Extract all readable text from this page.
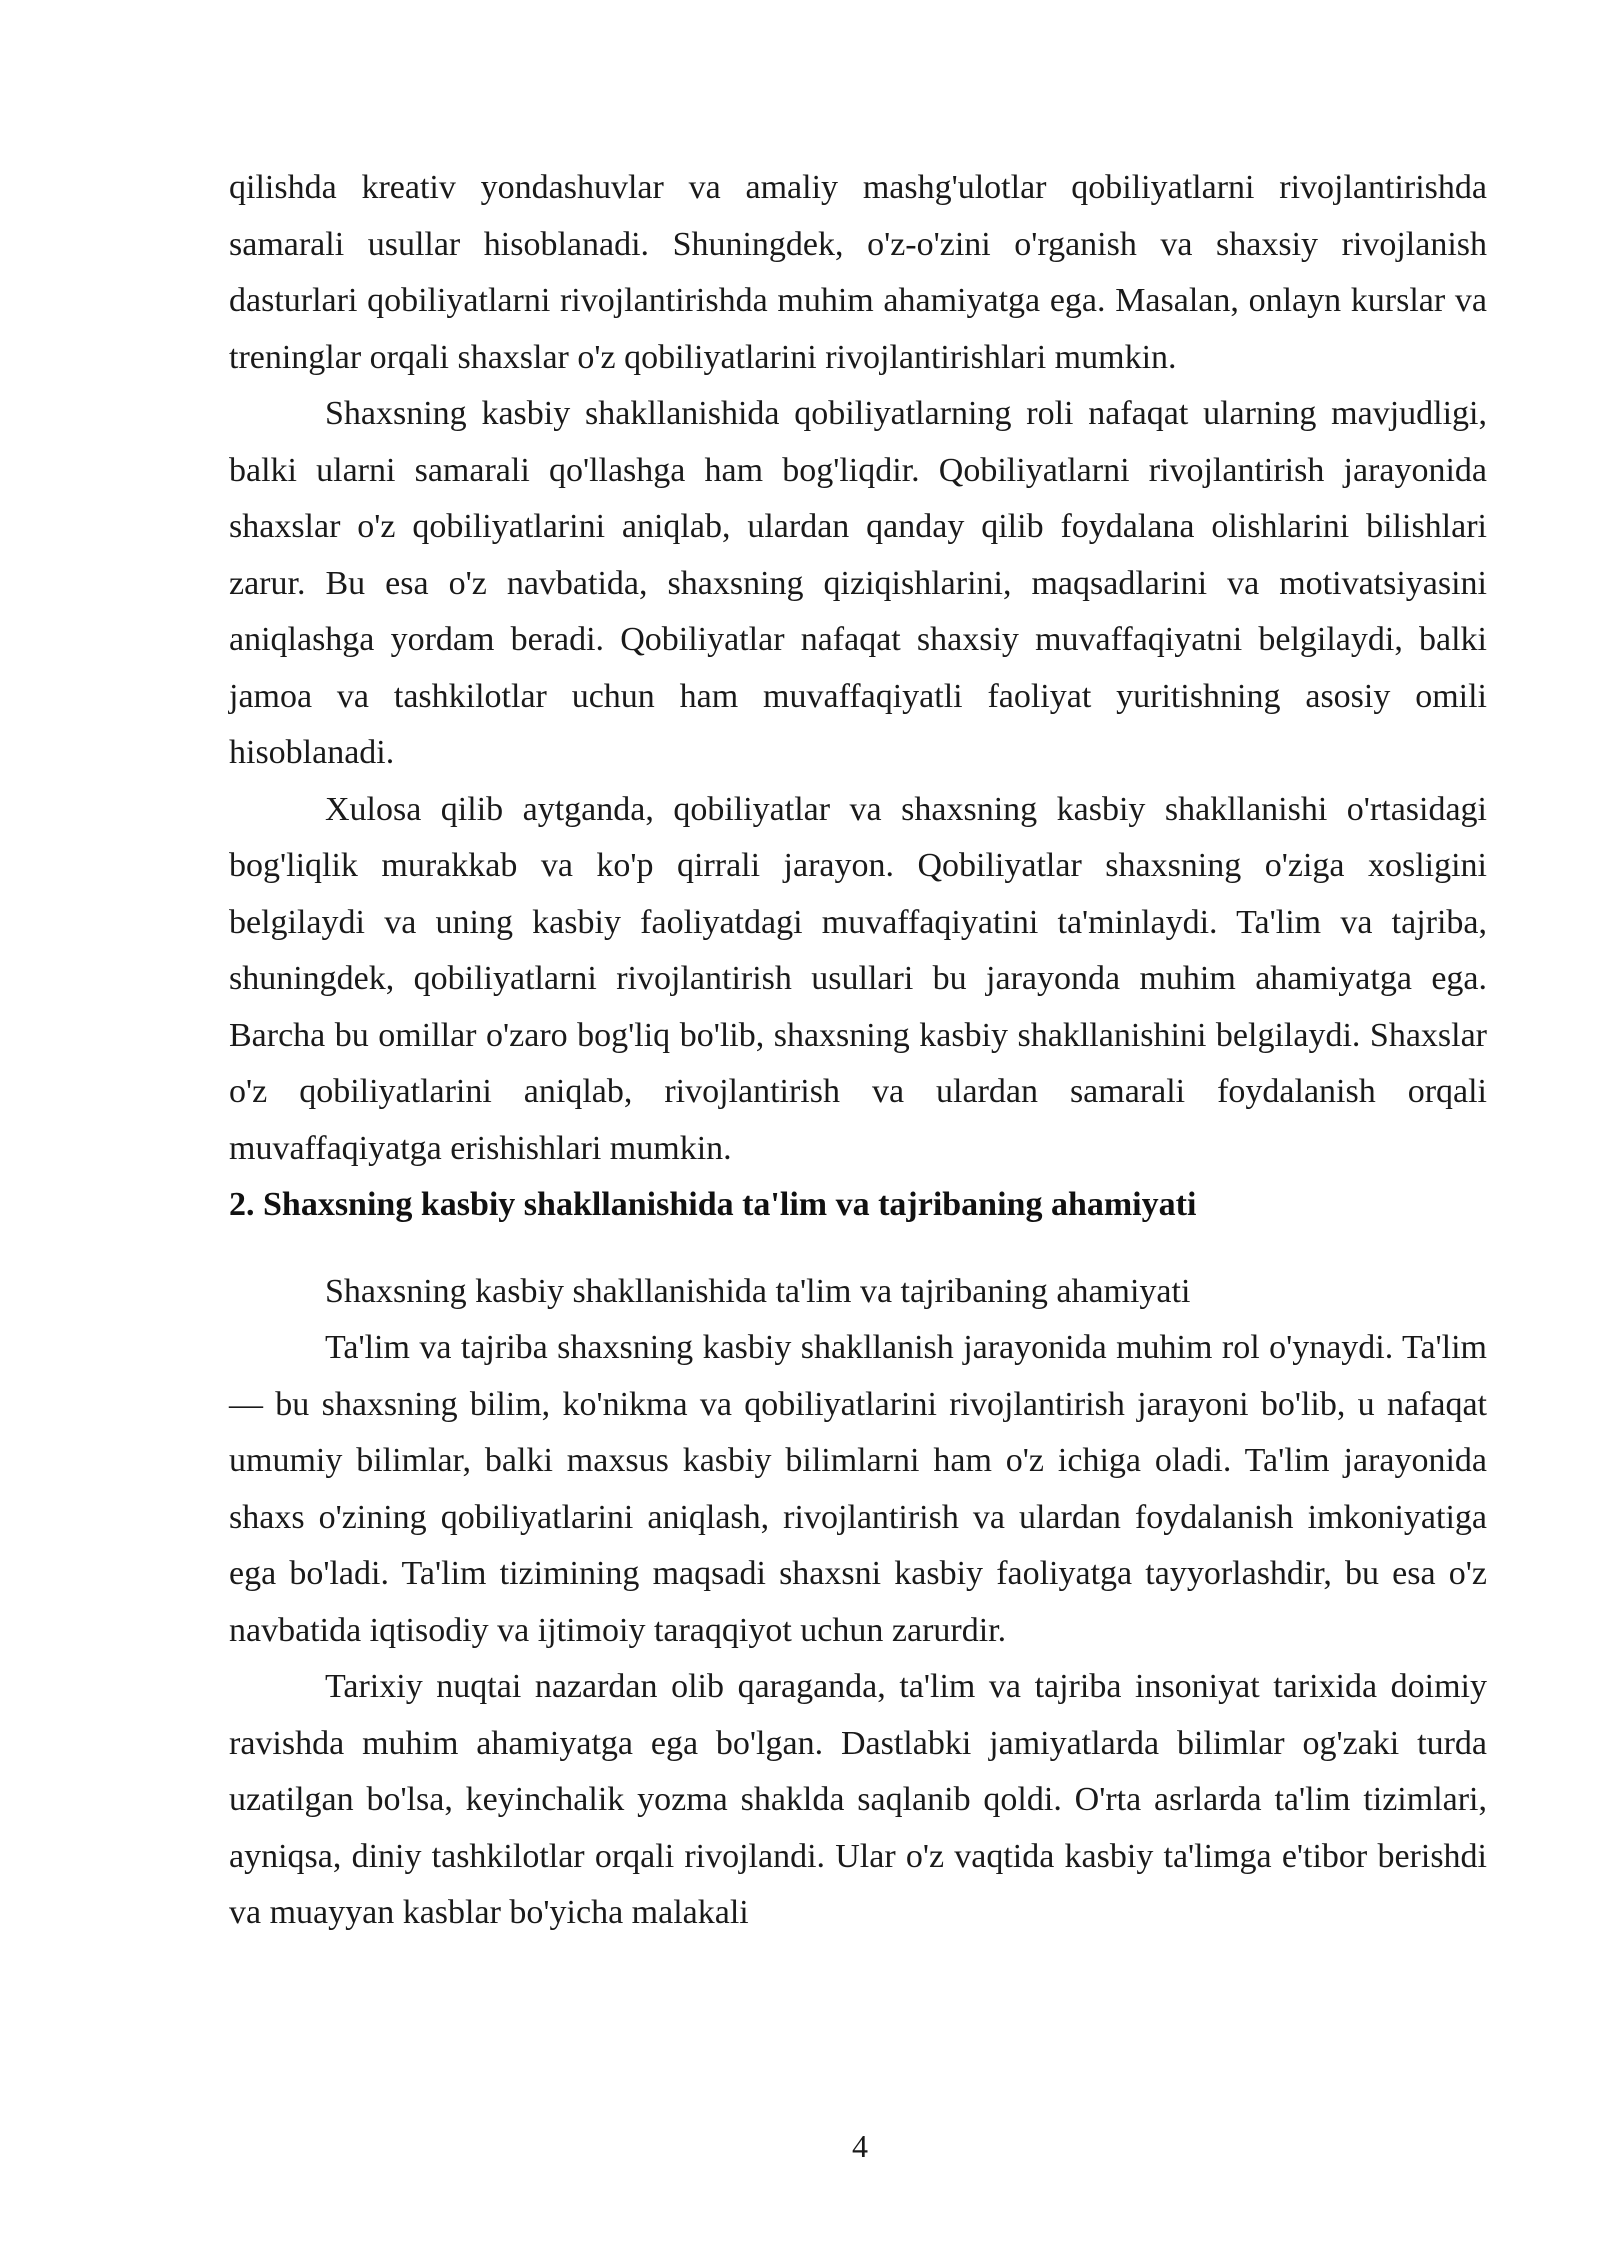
qilishda kreativ yondashuvlar va amaliy mashg'ulotlar qobiliyatlarni rivojlantirishda samarali usullar hisoblanadi. Shuningdek, o'z-o'zini o'rganish va shaxsiy rivojlanish dasturlari qobiliyatlarni rivojlantirishda muhim ahamiyatga ega. Masalan, onlayn kurslar va treninglar orqali shaxslar o'z qobiliyatlarini rivojlantirishlari mumkin.

Shaxsning kasbiy shakllanishida qobiliyatlarning roli nafaqat ularning mavjudligi, balki ularni samarali qo'llashga ham bog'liqdir. Qobiliyatlarni rivojlantirish jarayonida shaxslar o'z qobiliyatlarini aniqlab, ulardan qanday qilib foydalana olishlarini bilishlari zarur. Bu esa o'z navbatida, shaxsning qiziqishlarini, maqsadlarini va motivatsiyasini aniqlashga yordam beradi. Qobiliyatlar nafaqat shaxsiy muvaffaqiyatni belgilaydi, balki jamoa va tashkilotlar uchun ham muvaffaqiyatli faoliyat yuritishning asosiy omili hisoblanadi.

Xulosa qilib aytganda, qobiliyatlar va shaxsning kasbiy shakllanishi o'rtasidagi bog'liqlik murakkab va ko'p qirrali jarayon. Qobiliyatlar shaxsning o'ziga xosligini belgilaydi va uning kasbiy faoliyatdagi muvaffaqiyatini ta'minlaydi. Ta'lim va tajriba, shuningdek, qobiliyatlarni rivojlantirish usullari bu jarayonda muhim ahamiyatga ega. Barcha bu omillar o'zaro bog'liq bo'lib, shaxsning kasbiy shakllanishini belgilaydi. Shaxslar o'z qobiliyatlarini aniqlab, rivojlantirish va ulardan samarali foydalanish orqali muvaffaqiyatga erishishlari mumkin.

2. Shaxsning kasbiy shakllanishida ta'lim va tajribaning ahamiyati

Shaxsning kasbiy shakllanishida ta'lim va tajribaning ahamiyati

Ta'lim va tajriba shaxsning kasbiy shakllanish jarayonida muhim rol o'ynaydi. Ta'lim — bu shaxsning bilim, ko'nikma va qobiliyatlarini rivojlantirish jarayoni bo'lib, u nafaqat umumiy bilimlar, balki maxsus kasbiy bilimlarni ham o'z ichiga oladi. Ta'lim jarayonida shaxs o'zining qobiliyatlarini aniqlash, rivojlantirish va ulardan foydalanish imkoniyatiga ega bo'ladi. Ta'lim tizimining maqsadi shaxsni kasbiy faoliyatga tayyorlashdir, bu esa o'z navbatida iqtisodiy va ijtimoiy taraqqiyot uchun zarurdir.

Tarixiy nuqtai nazardan olib qaraganda, ta'lim va tajriba insoniyat tarixida doimiy ravishda muhim ahamiyatga ega bo'lgan. Dastlabki jamiyatlarda bilimlar og'zaki turda uzatilgan bo'lsa, keyinchalik yozma shaklda saqlanib qoldi. O'rta asrlarda ta'lim tizimlari, ayniqsa, diniy tashkilotlar orqali rivojlandi. Ular o'z vaqtida kasbiy ta'limga e'tibor berishdi va muayyan kasblar bo'yicha malakali

4
